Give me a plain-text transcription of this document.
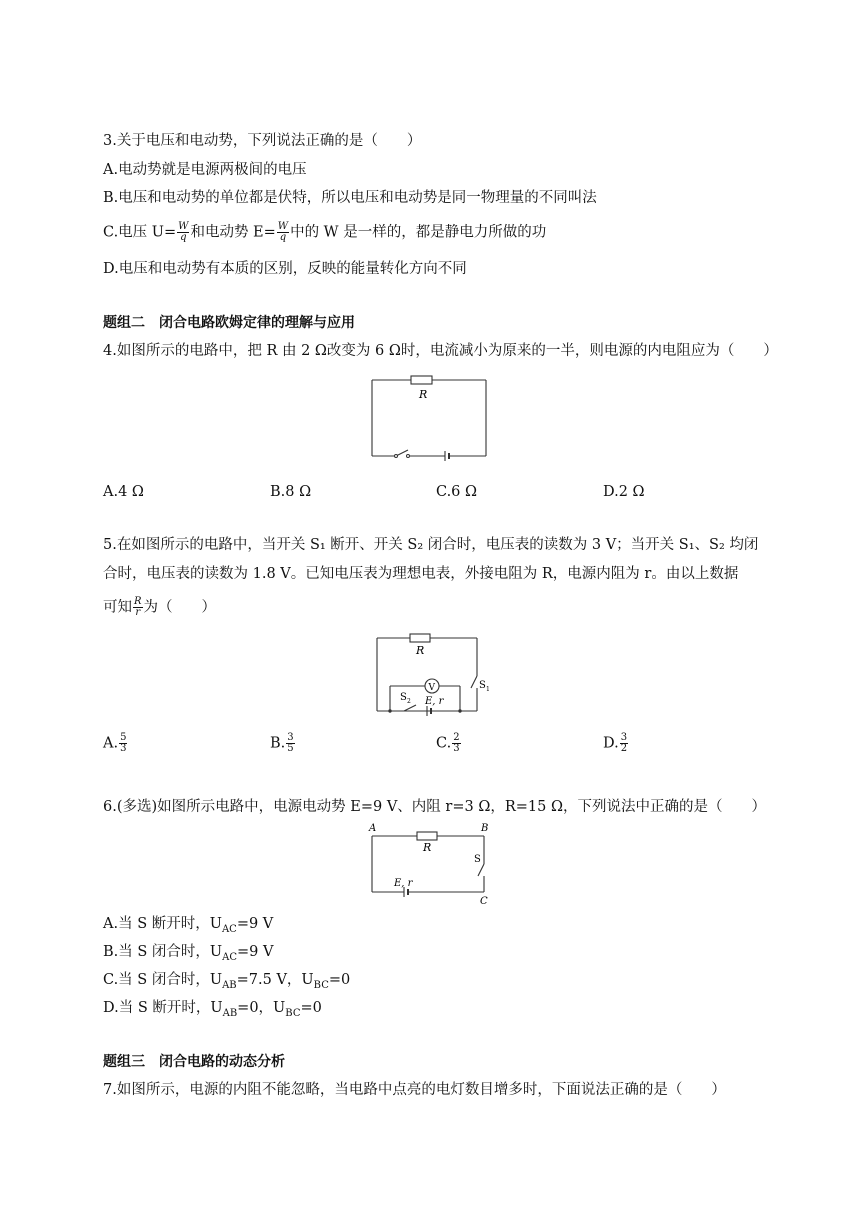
3.关于电压和电动势，下列说法正确的是（　　）
A.电动势就是电源两极间的电压
B.电压和电动势的单位都是伏特，所以电压和电动势是同一物理量的不同叫法
C.电压 $U= \frac{W}{q}$ 和电动势 $E= \frac{W}{q}$ 中的 W 是一样的，都是静电力所做的功
D.电压和电动势有本质的区别，反映的能量转化方向不同
题组二　闭合电路欧姆定律的理解与应用
4.如图所示的电路中，把 R 由 2 Ω改变为 6 Ω时，电流减小为原来的一半，则电源的内电阻应为（　　）
R
A.4 Ω	B.8 Ω	C.6 Ω	D.2 Ω
5.在如图所示的电路中，当开关 S₁ 断开、开关 S₂ 闭合时，电压表的读数为 3 V；当开关 S₁、S₂ 均闭
合时，电压表的读数为 1.8 V。已知电压表为理想电表，外接电阻为 R，电源内阻为 r。由以上数据
可知 $\frac{R}{r}$ 为（　　）
V
R
S 1
S 2 E, r
A. $\frac{5}{3}$	B. $\frac{3}{5}$	C. $\frac{2}{3}$	D. $\frac{3}{2}$
6.(多选)如图所示电路中，电源电动势 E=9 V、内阻 r=3 Ω，R=15 Ω，下列说法中正确的是（　　）
A	B
C
R
S
E, r
A.当 S 断开时，$U_{AC}=9$ V
B.当 S 闭合时，$U_{AC}=9$ V
C.当 S 闭合时，$U_{AB}=7.5$ V，$U_{BC}=0$
D.当 S 断开时，$U_{AB}=0$，$U_{BC}=0$
题组三　闭合电路的动态分析
7.如图所示，电源的内阻不能忽略，当电路中点亮的电灯数目增多时，下面说法正确的是（　　）
